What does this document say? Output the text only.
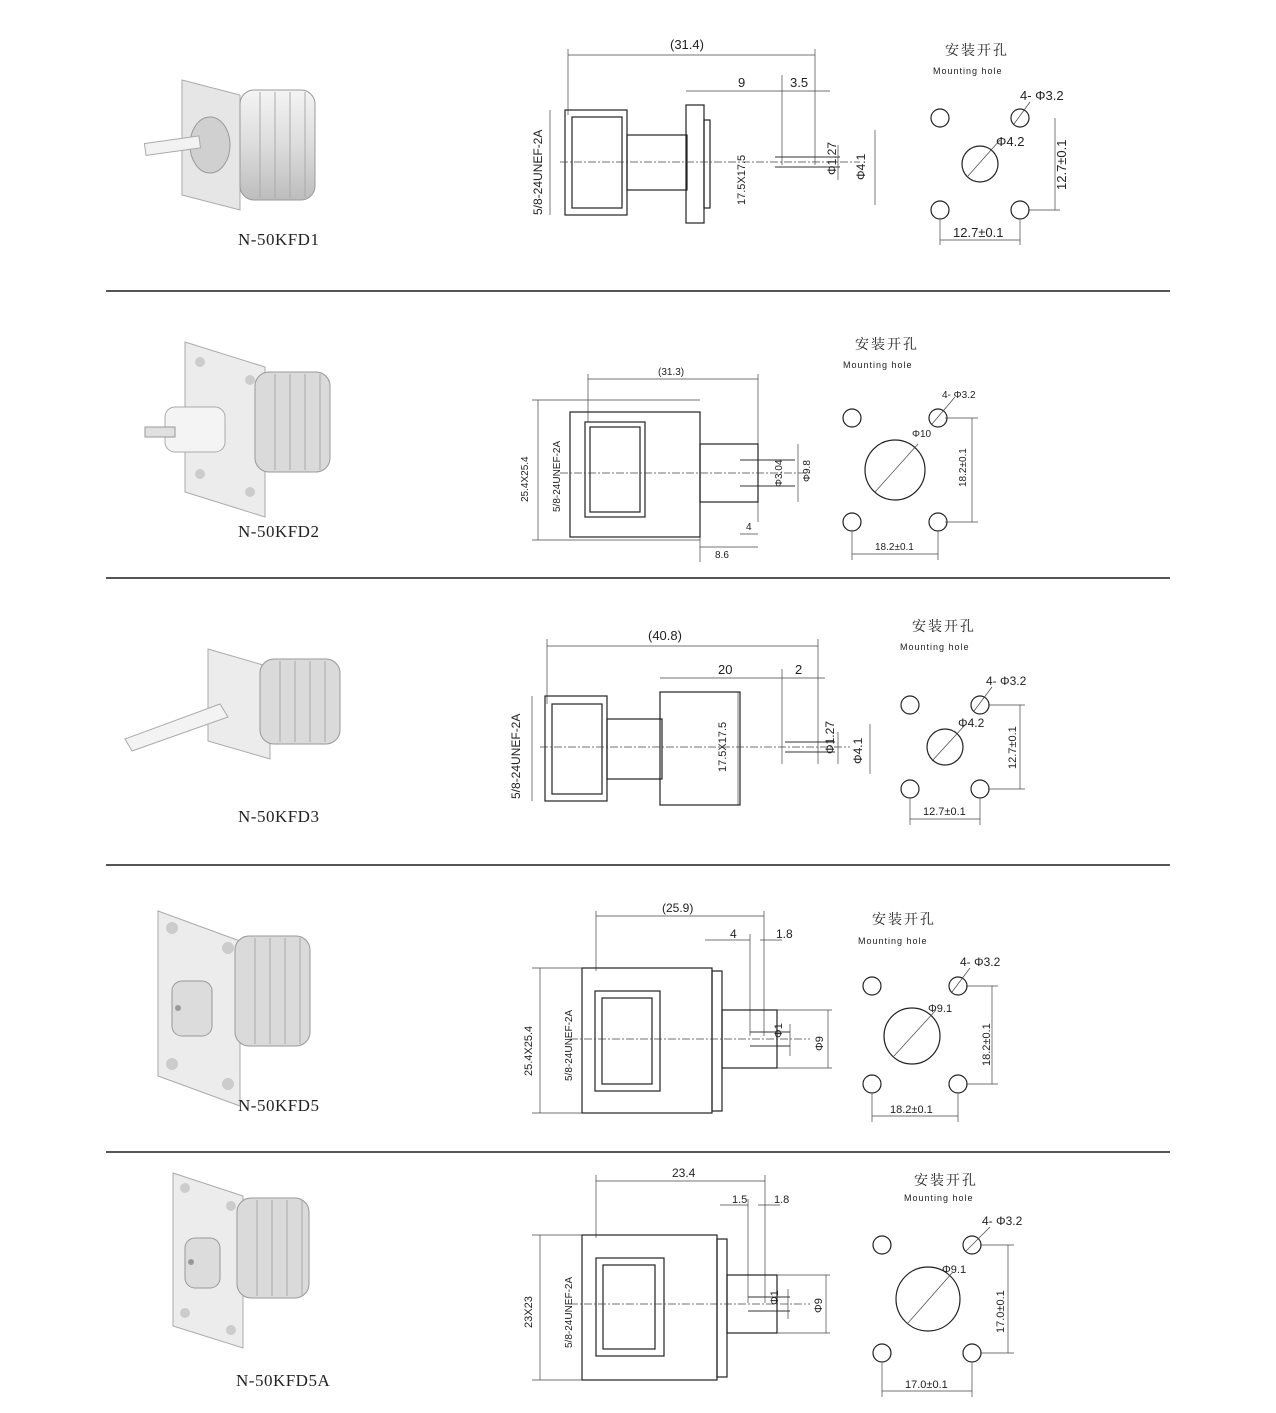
N-50KFD1
(31.4)
9	3.5
5/8-24UNEF-2A	17.5X17.5	Φ1.27 Φ4.1
安装开孔
Mounting hole
4- Φ3.2
Φ4.2 12.7±0.1
12.7±0.1
N-50KFD2
(31.3)
25.4X25.4 5/8-24UNEF-2A	Φ3.04 Φ9.8
4
8.6
安装开孔
Mounting hole
4- Φ3.2
Φ10
18.2±0.1
18.2±0.1
N-50KFD3
(40.8)
20	2
5/8-24UNEF-2A	17.5X17.5	Φ1.27 Φ4.1
安装开孔
Mounting hole
4- Φ3.2
Φ4.2
12.7±0.1
12.7±0.1
N-50KFD5
(25.9)
4	1.8
25.4X25.4	5/8-24UNEF-2A	Φ1
Φ9
安装开孔
Mounting hole
4- Φ3.2
Φ9.1
18.2±0.1
18.2±0.1
N-50KFD5A
23.4
1.5 1.8
23X23	5/8-24UNEF-2A	Φ1
Φ9
安装开孔
Mounting hole
4- Φ3.2
Φ9.1
17.0±0.1
17.0±0.1
